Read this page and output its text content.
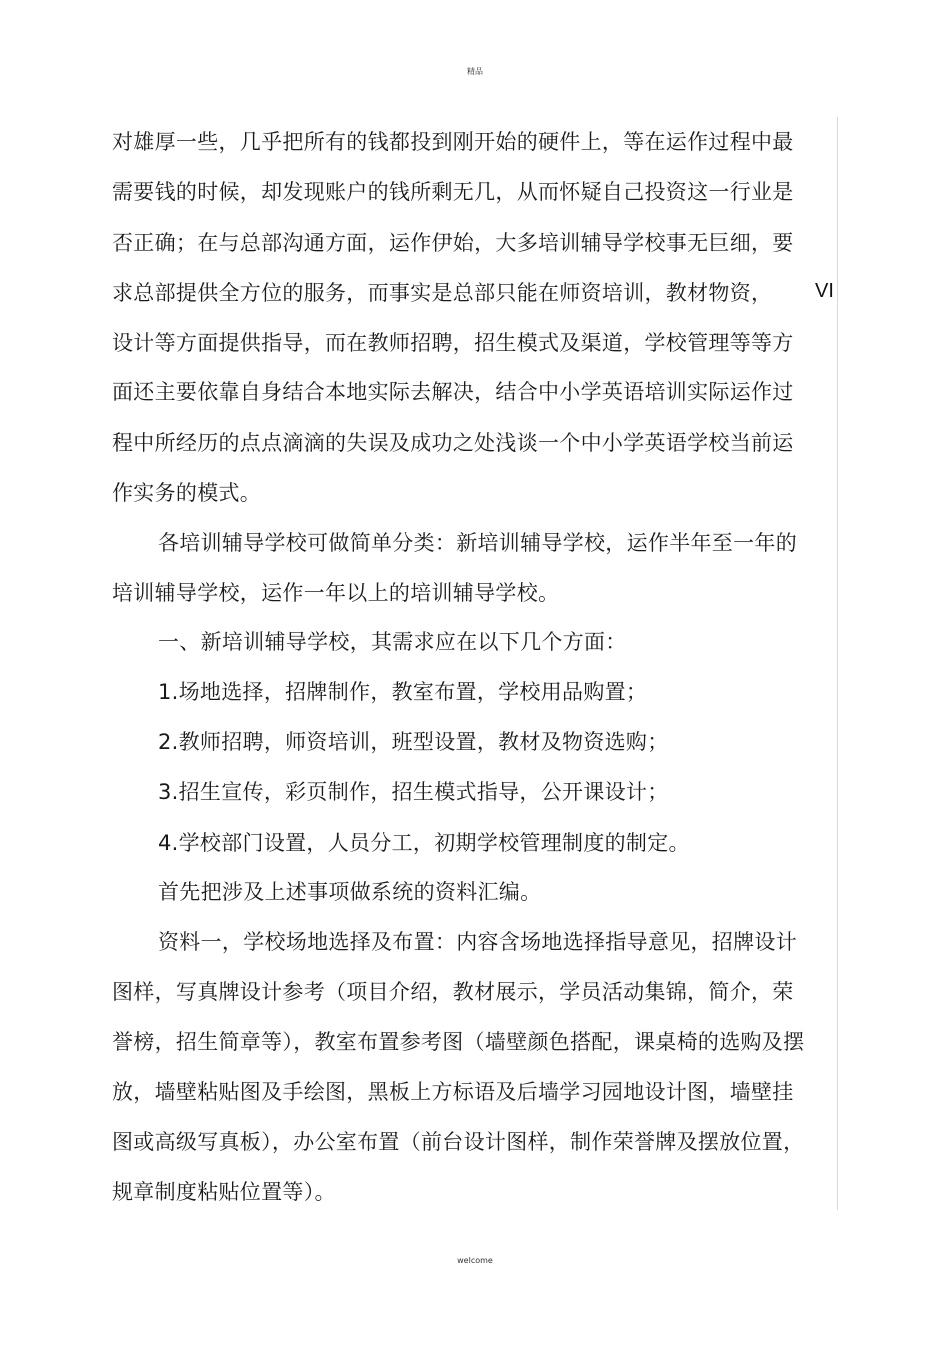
精品
VI
对雄厚一些，几乎把所有的钱都投到刚开始的硬件上，等在运作过程中最
需要钱的时候，却发现账户的钱所剩无几，从而怀疑自己投资这一行业是
否正确；在与总部沟通方面，运作伊始，大多培训辅导学校事无巨细，要
求总部提供全方位的服务，而事实是总部只能在师资培训，教材物资，
设计等方面提供指导，而在教师招聘，招生模式及渠道，学校管理等等方
面还主要依靠自身结合本地实际去解决，结合中小学英语培训实际运作过
程中所经历的点点滴滴的失误及成功之处浅谈一个中小学英语学校当前运
作实务的模式。
各培训辅导学校可做简单分类：新培训辅导学校，运作半年至一年的
培训辅导学校，运作一年以上的培训辅导学校。
一、新培训辅导学校，其需求应在以下几个方面：
1.场地选择，招牌制作，教室布置，学校用品购置；
2.教师招聘，师资培训，班型设置，教材及物资选购；
3.招生宣传，彩页制作，招生模式指导，公开课设计；
4.学校部门设置，人员分工，初期学校管理制度的制定。
首先把涉及上述事项做系统的资料汇编。
资料一，学校场地选择及布置：内容含场地选择指导意见，招牌设计
图样，写真牌设计参考（项目介绍，教材展示，学员活动集锦，简介，荣
誉榜，招生简章等），教室布置参考图（墙壁颜色搭配，课桌椅的选购及摆
放，墙壁粘贴图及手绘图，黑板上方标语及后墙学习园地设计图，墙壁挂
图或高级写真板），办公室布置（前台设计图样，制作荣誉牌及摆放位置，
规章制度粘贴位置等）。
welcome
